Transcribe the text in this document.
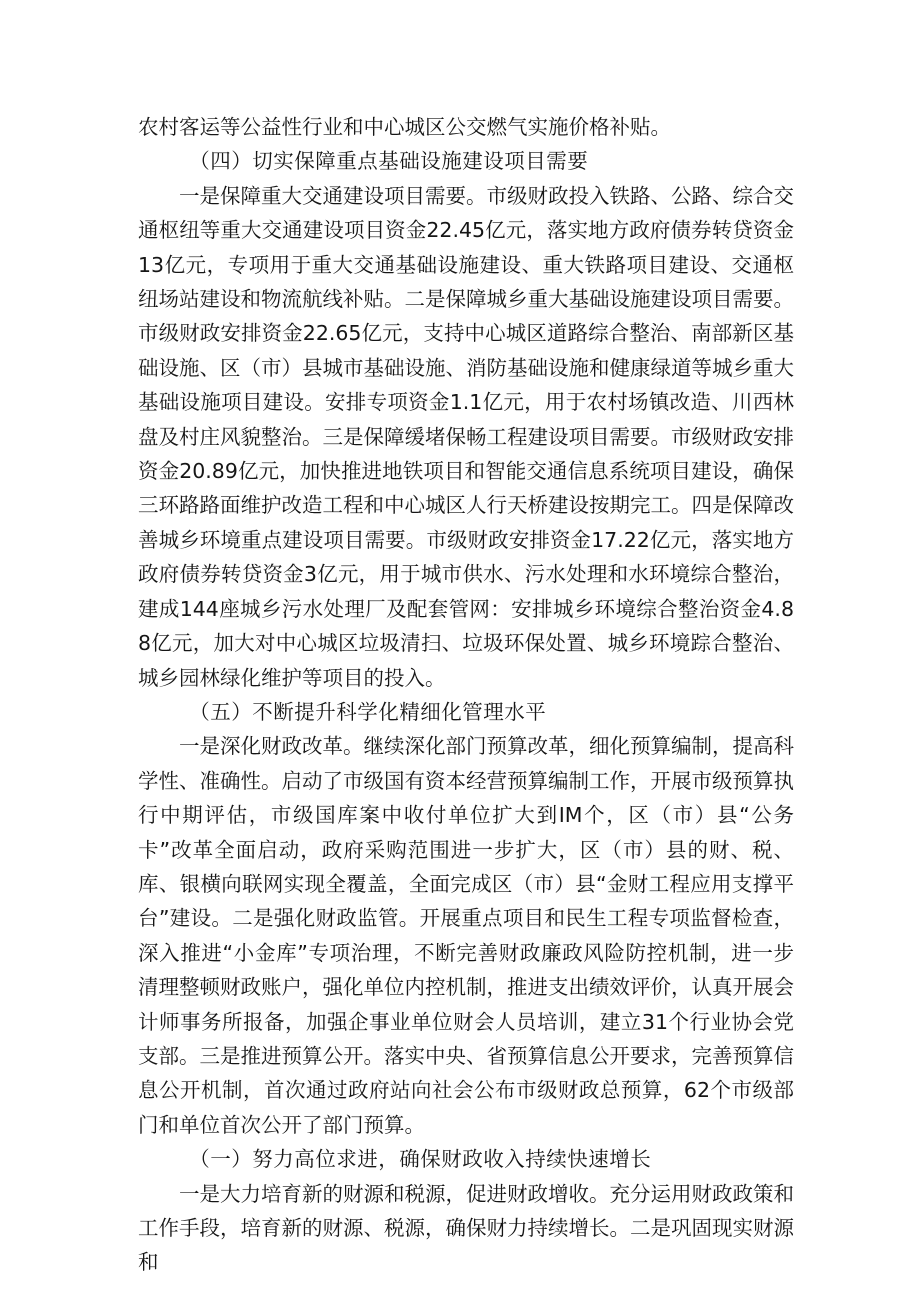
农村客运等公益性行业和中心城区公交燃气实施价格补贴。

（四）切实保障重点基础设施建设项目需要

一是保障重大交通建设项目需要。市级财政投入铁路、公路、综合交通枢纽等重大交通建设项目资金22.45亿元，落实地方政府债券转贷资金13亿元，专项用于重大交通基础设施建设、重大铁路项目建设、交通枢纽场站建设和物流航线补贴。二是保障城乡重大基础设施建设项目需要。市级财政安排资金22.65亿元，支持中心城区道路综合整治、南部新区基础设施、区（市）县城市基础设施、消防基础设施和健康绿道等城乡重大基础设施项目建设。安排专项资金1.1亿元，用于农村场镇改造、川西林盘及村庄风貌整治。三是保障缓堵保畅工程建设项目需要。市级财政安排资金20.89亿元，加快推进地铁项目和智能交通信息系统项目建设，确保三环路路面维护改造工程和中心城区人行天桥建设按期完工。四是保障改善城乡环境重点建设项目需要。市级财政安排资金17.22亿元，落实地方政府债券转贷资金3亿元，用于城市供水、污水处理和水环境综合整治，建成144座城乡污水处理厂及配套管网：安排城乡环境综合整治资金4.88亿元，加大对中心城区垃圾清扫、垃圾环保处置、城乡环境踪合整治、城乡园林绿化维护等项目的投入。

（五）不断提升科学化精细化管理水平

一是深化财政改革。继续深化部门预算改革，细化预算编制，提高科学性、准确性。启动了市级国有资本经营预算编制工作，开展市级预算执行中期评估，市级国库案中收付单位扩大到IM个，区（市）县“公务卡”改革全面启动，政府采购范围进一步扩大，区（市）县的财、税、库、银横向联网实现全覆盖，全面完成区（市）县“金财工程应用支撑平台”建设。二是强化财政监管。开展重点项目和民生工程专项监督检查，深入推进“小金库”专项治理，不断完善财政廉政风险防控机制，进一步清理整顿财政账户，强化单位内控机制，推进支出绩效评价，认真开展会计师事务所报备，加强企事业单位财会人员培训，建立31个行业协会党支部。三是推进预算公开。落实中央、省预算信息公开要求，完善预算信息公开机制，首次通过政府站向社会公布市级财政总预算，62个市级部门和单位首次公开了部门预算。

（一）努力高位求进，确保财政收入持续快速增长

一是大力培育新的财源和税源，促进财政增收。充分运用财政政策和工作手段，培育新的财源、税源，确保财力持续增长。二是巩固现实财源和
